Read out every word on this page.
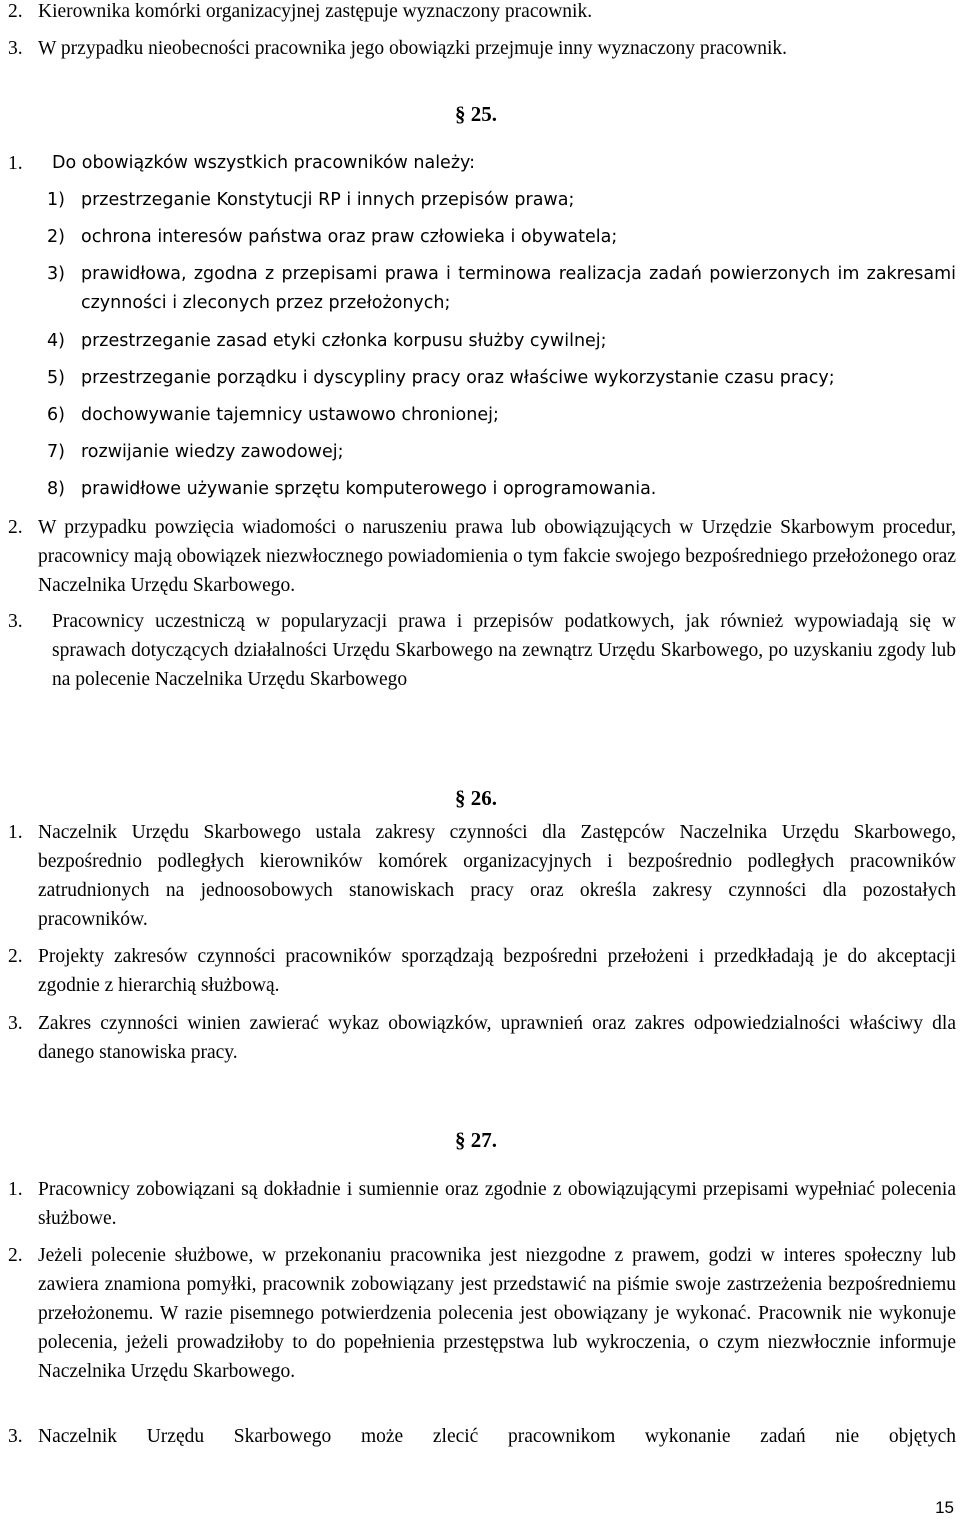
2. Kierownika komórki organizacyjnej zastępuje wyznaczony pracownik.
3. W przypadku nieobecności pracownika jego obowiązki przejmuje inny wyznaczony pracownik.
§ 25.
1.	Do obowiązków wszystkich pracowników należy:
1) przestrzeganie Konstytucji RP i innych przepisów prawa;
2) ochrona interesów państwa oraz praw człowieka i obywatela;
3) prawidłowa, zgodna z przepisami prawa i terminowa realizacja zadań powierzonych im zakresami czynności i zleconych przez przełożonych;
4) przestrzeganie zasad etyki członka korpusu służby cywilnej;
5) przestrzeganie porządku i dyscypliny pracy oraz właściwe wykorzystanie czasu pracy;
6) dochowywanie tajemnicy ustawowo chronionej;
7) rozwijanie wiedzy zawodowej;
8) prawidłowe używanie sprzętu komputerowego i oprogramowania.
2. W przypadku powzięcia wiadomości o naruszeniu prawa lub obowiązujących w Urzędzie Skarbowym procedur, pracownicy mają obowiązek niezwłocznego powiadomienia o tym fakcie swojego bezpośredniego przełożonego oraz Naczelnika Urzędu Skarbowego.
3.	Pracownicy uczestniczą w popularyzacji prawa i przepisów podatkowych, jak również wypowiadają się w sprawach dotyczących działalności Urzędu Skarbowego na zewnątrz Urzędu Skarbowego, po uzyskaniu zgody lub na polecenie Naczelnika Urzędu Skarbowego
§ 26.
1. Naczelnik Urzędu Skarbowego ustala zakresy czynności dla Zastępców Naczelnika Urzędu Skarbowego, bezpośrednio podległych kierowników komórek organizacyjnych i bezpośrednio podległych pracowników zatrudnionych na jednoosobowych stanowiskach pracy oraz określa zakresy czynności dla pozostałych pracowników.
2. Projekty zakresów czynności pracowników sporządzają bezpośredni przełożeni i przedkładają je do akceptacji zgodnie z hierarchią służbową.
3. Zakres czynności winien zawierać wykaz obowiązków, uprawnień oraz zakres odpowiedzialności właściwy dla danego stanowiska pracy.
§ 27.
1. Pracownicy zobowiązani są dokładnie i sumiennie oraz zgodnie z obowiązującymi przepisami wypełniać polecenia służbowe.
2. Jeżeli polecenie służbowe, w przekonaniu pracownika jest niezgodne z prawem, godzi w interes społeczny lub zawiera znamiona pomyłki, pracownik zobowiązany jest przedstawić na piśmie swoje zastrzeżenia bezpośredniemu przełożonemu. W razie pisemnego potwierdzenia polecenia jest obowiązany je wykonać. Pracownik nie wykonuje polecenia, jeżeli prowadziłoby to do popełnienia przestępstwa lub wykroczenia, o czym niezwłocznie informuje Naczelnika Urzędu Skarbowego.
3. Naczelnik Urzędu Skarbowego może zlecić pracownikom wykonanie zadań nie objętych
15
